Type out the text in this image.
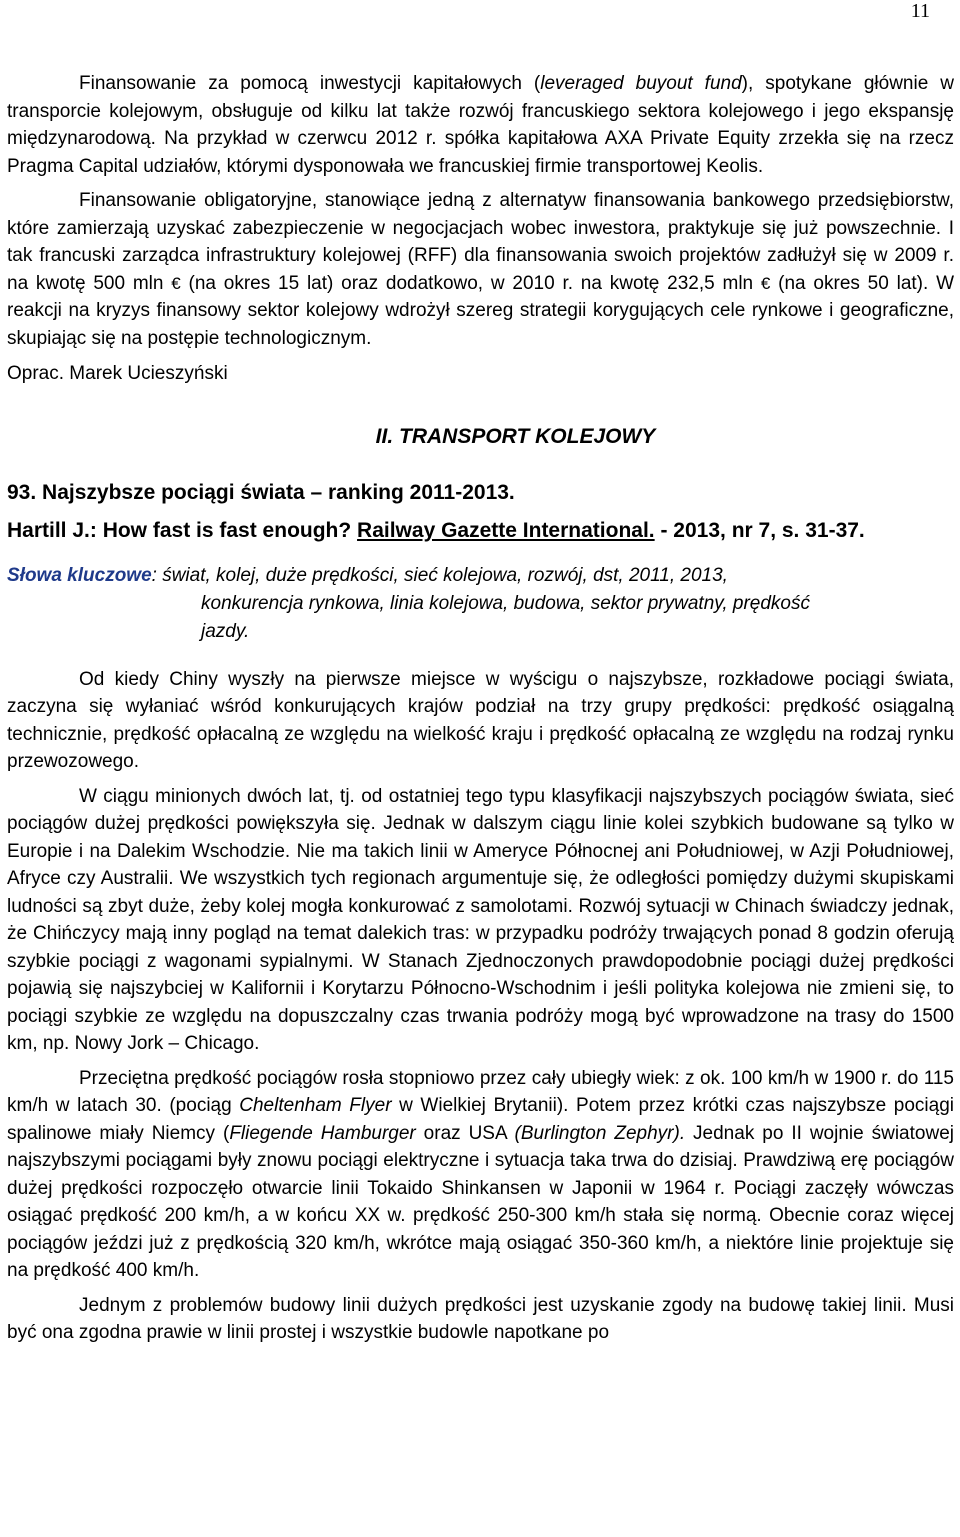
11

Finansowanie za pomocą inwestycji kapitałowych (leveraged buyout fund), spotykane głównie w transporcie kolejowym, obsługuje od kilku lat także rozwój francuskiego sektora kolejowego i jego ekspansję międzynarodową. Na przykład w czerwcu 2012 r. spółka kapitałowa AXA Private Equity zrzekła się na rzecz Pragma Capital udziałów, którymi dysponowała we francuskiej firmie transportowej Keolis.

Finansowanie obligatoryjne, stanowiące jedną z alternatyw finansowania bankowego przedsiębiorstw, które zamierzają uzyskać zabezpieczenie w negocjacjach wobec inwestora, praktykuje się już powszechnie. I tak francuski zarządca infrastruktury kolejowej (RFF) dla finansowania swoich projektów zadłużył się w 2009 r. na kwotę 500 mln € (na okres 15 lat) oraz dodatkowo, w 2010 r. na kwotę 232,5 mln € (na okres 50 lat). W reakcji na kryzys finansowy sektor kolejowy wdrożył szereg strategii korygujących cele rynkowe i geograficzne, skupiając się na postępie technologicznym.

Oprac. Marek Ucieszyński

II. TRANSPORT KOLEJOWY
93. Najszybsze pociągi świata – ranking 2011-2013.
Hartill J.: How fast is fast enough? Railway Gazette International. - 2013, nr 7, s. 31-37.
Słowa kluczowe: świat, kolej, duże prędkości, sieć kolejowa, rozwój, dst, 2011, 2013,
konkurencja rynkowa, linia kolejowa, budowa, sektor prywatny, prędkość
jazdy.

Od kiedy Chiny wyszły na pierwsze miejsce w wyścigu o najszybsze, rozkładowe pociągi świata, zaczyna się wyłaniać wśród konkurujących krajów podział na trzy grupy prędkości: prędkość osiągalną technicznie, prędkość opłacalną ze względu na wielkość kraju i prędkość opłacalną ze względu na rodzaj rynku przewozowego.

W ciągu minionych dwóch lat, tj. od ostatniej tego typu klasyfikacji najszybszych pociągów świata, sieć pociągów dużej prędkości powiększyła się. Jednak w dalszym ciągu linie kolei szybkich budowane są tylko w Europie i na Dalekim Wschodzie. Nie ma takich linii w Ameryce Północnej ani Południowej, w Azji Południowej, Afryce czy Australii. We wszystkich tych regionach argumentuje się, że odległości pomiędzy dużymi skupiskami ludności są zbyt duże, żeby kolej mogła konkurować z samolotami. Rozwój sytuacji w Chinach świadczy jednak, że Chińczycy mają inny pogląd na temat dalekich tras: w przypadku podróży trwających ponad 8 godzin oferują szybkie pociągi z wagonami sypialnymi. W Stanach Zjednoczonych prawdopodobnie pociągi dużej prędkości pojawią się najszybciej w Kalifornii i Korytarzu Północno-Wschodnim i jeśli polityka kolejowa nie zmieni się, to pociągi szybkie ze względu na dopuszczalny czas trwania podróży mogą być wprowadzone na trasy do 1500 km, np. Nowy Jork – Chicago.

Przeciętna prędkość pociągów rosła stopniowo przez cały ubiegły wiek: z ok. 100 km/h w 1900 r. do 115 km/h w latach 30. (pociąg Cheltenham Flyer w Wielkiej Brytanii). Potem przez krótki czas najszybsze pociągi spalinowe miały Niemcy (Fliegende Hamburger oraz USA (Burlington Zephyr). Jednak po II wojnie światowej najszybszymi pociągami były znowu pociągi elektryczne i sytuacja taka trwa do dzisiaj. Prawdziwą erę pociągów dużej prędkości rozpoczęło otwarcie linii Tokaido Shinkansen w Japonii w 1964 r. Pociągi zaczęły wówczas osiągać prędkość 200 km/h, a w końcu XX w. prędkość 250-300 km/h stała się normą. Obecnie coraz więcej pociągów jeździ już z prędkością 320 km/h, wkrótce mają osiągać 350-360 km/h, a niektóre linie projektuje się na prędkość 400 km/h.

Jednym z problemów budowy linii dużych prędkości jest uzyskanie zgody na budowę takiej linii. Musi być ona zgodna prawie w linii prostej i wszystkie budowle napotkane po
